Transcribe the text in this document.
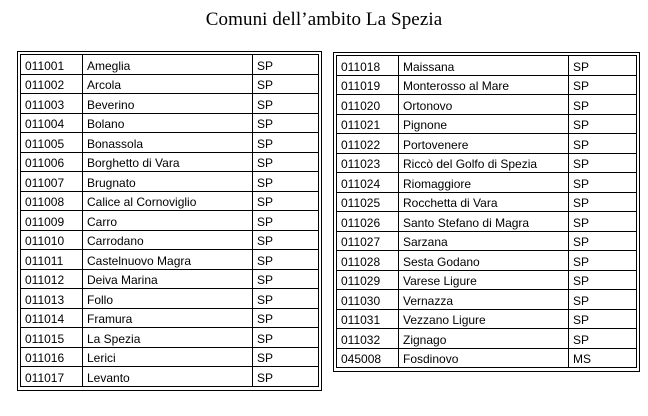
Comuni dell’ambito La Spezia
011001	Ameglia	SP
011002	Arcola	SP
011003	Beverino	SP
011004	Bolano	SP
011005	Bonassola	SP
011006	Borghetto di Vara	SP
011007	Brugnato	SP
011008	Calice al Cornoviglio	SP
011009	Carro	SP
011010	Carrodano	SP
011011	Castelnuovo Magra	SP
011012	Deiva Marina	SP
011013	Follo	SP
011014	Framura	SP
011015	La Spezia	SP
011016	Lerici	SP
011017	Levanto	SP
011018	Maissana	SP
011019	Monterosso al Mare	SP
011020	Ortonovo	SP
011021	Pignone	SP
011022	Portovenere	SP
011023	Riccò del Golfo di Spezia	SP
011024	Riomaggiore	SP
011025	Rocchetta di Vara	SP
011026	Santo Stefano di Magra	SP
011027	Sarzana	SP
011028	Sesta Godano	SP
011029	Varese Ligure	SP
011030	Vernazza	SP
011031	Vezzano Ligure	SP
011032	Zignago	SP
045008	Fosdinovo	MS
